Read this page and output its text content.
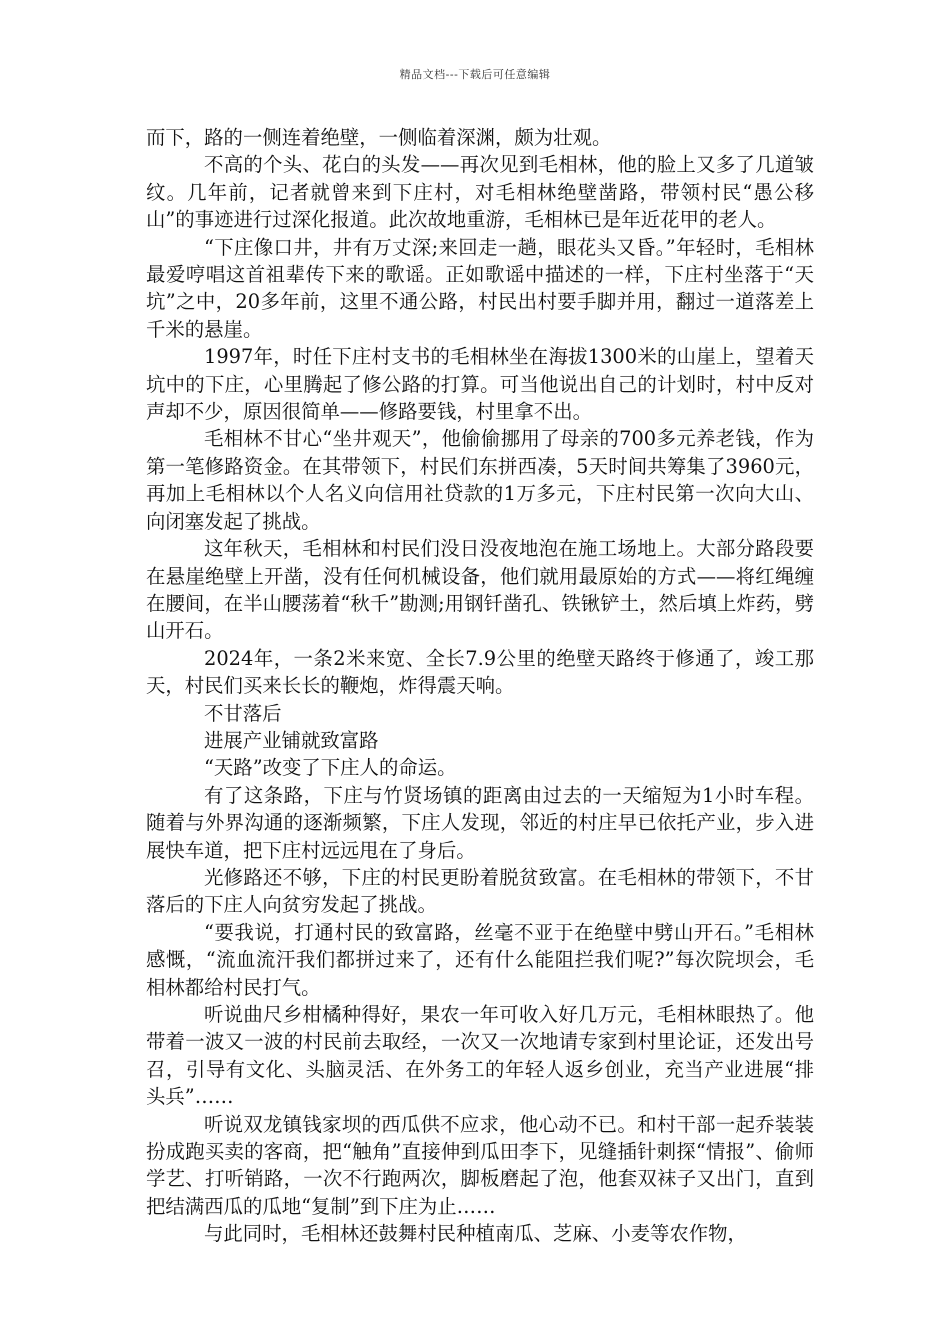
精品文档---下载后可任意编辑

而下，路的一侧连着绝壁，一侧临着深渊，颇为壮观。

不高的个头、花白的头发——再次见到毛相林，他的脸上又多了几道皱纹。几年前，记者就曾来到下庄村，对毛相林绝壁凿路，带领村民“愚公移山”的事迹进行过深化报道。此次故地重游，毛相林已是年近花甲的老人。

“下庄像口井，井有万丈深;来回走一趟，眼花头又昏。”年轻时，毛相林最爱哼唱这首祖辈传下来的歌谣。正如歌谣中描述的一样，下庄村坐落于“天坑”之中，20多年前，这里不通公路，村民出村要手脚并用，翻过一道落差上千米的悬崖。

1997年，时任下庄村支书的毛相林坐在海拔1300米的山崖上，望着天坑中的下庄，心里腾起了修公路的打算。可当他说出自己的计划时，村中反对声却不少，原因很简单——修路要钱，村里拿不出。

毛相林不甘心“坐井观天”，他偷偷挪用了母亲的700多元养老钱，作为第一笔修路资金。在其带领下，村民们东拼西凑，5天时间共筹集了3960元，再加上毛相林以个人名义向信用社贷款的1万多元，下庄村民第一次向大山、向闭塞发起了挑战。

这年秋天，毛相林和村民们没日没夜地泡在施工场地上。大部分路段要在悬崖绝壁上开凿，没有任何机械设备，他们就用最原始的方式——将红绳缠在腰间，在半山腰荡着“秋千”勘测;用钢钎凿孔、铁锹铲土，然后填上炸药，劈山开石。

2024年，一条2米来宽、全长7.9公里的绝壁天路终于修通了，竣工那天，村民们买来长长的鞭炮，炸得震天响。

不甘落后

进展产业铺就致富路

“天路”改变了下庄人的命运。

有了这条路，下庄与竹贤场镇的距离由过去的一天缩短为1小时车程。随着与外界沟通的逐渐频繁，下庄人发现，邻近的村庄早已依托产业，步入进展快车道，把下庄村远远甩在了身后。

光修路还不够，下庄的村民更盼着脱贫致富。在毛相林的带领下，不甘落后的下庄人向贫穷发起了挑战。

“要我说，打通村民的致富路，丝毫不亚于在绝壁中劈山开石。”毛相林感慨，“流血流汗我们都拼过来了，还有什么能阻拦我们呢?”每次院坝会，毛相林都给村民打气。

听说曲尺乡柑橘种得好，果农一年可收入好几万元，毛相林眼热了。他带着一波又一波的村民前去取经，一次又一次地请专家到村里论证，还发出号召，引导有文化、头脑灵活、在外务工的年轻人返乡创业，充当产业进展“排头兵”……

听说双龙镇钱家坝的西瓜供不应求，他心动不已。和村干部一起乔装装扮成跑买卖的客商，把“触角”直接伸到瓜田李下，见缝插针刺探“情报”、偷师学艺、打听销路，一次不行跑两次，脚板磨起了泡，他套双袜子又出门，直到把结满西瓜的瓜地“复制”到下庄为止……

与此同时，毛相林还鼓舞村民种植南瓜、芝麻、小麦等农作物，
